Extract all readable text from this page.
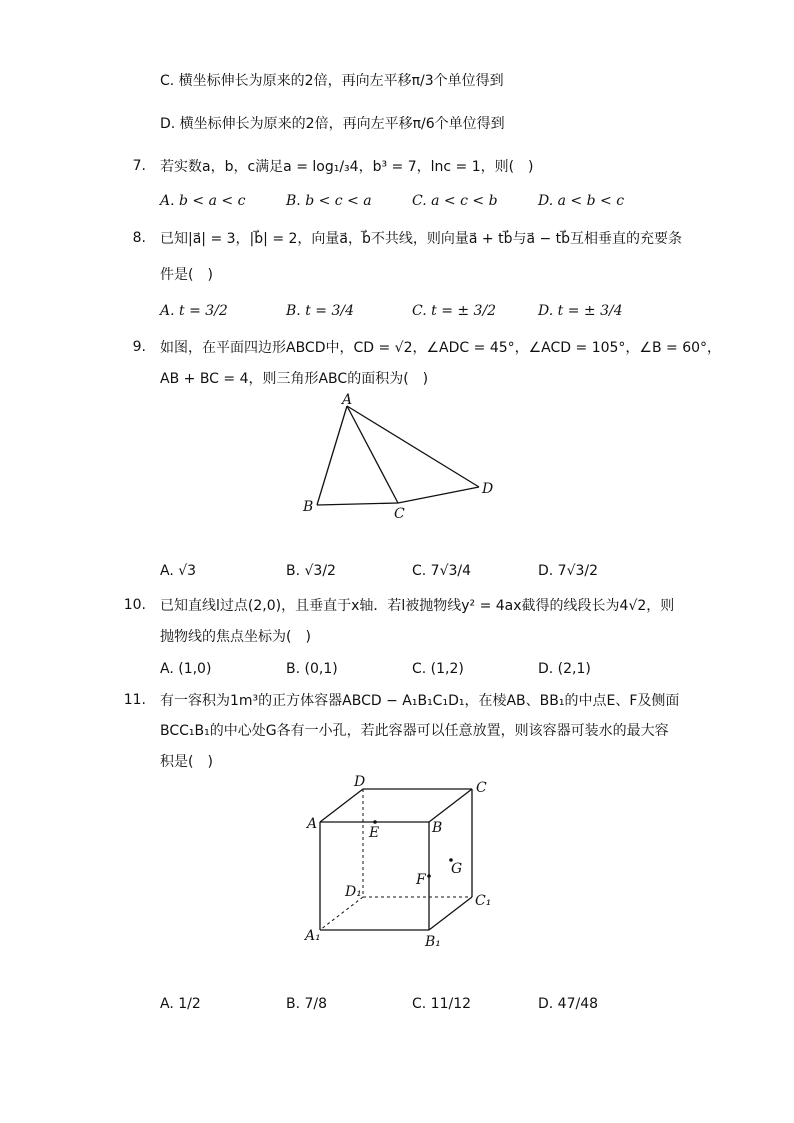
C. 横坐标伸长为原来的2倍，再向左平移π/3个单位得到
D. 横坐标伸长为原来的2倍，再向左平移π/6个单位得到
7. 若实数a，b，c满足a = log₁/₃4，b³ = 7，lnc = 1，则(　)
A. b < a < c	B. b < c < a	C. a < c < b	D. a < b < c
8. 已知|a⃗| = 3，|b⃗| = 2，向量a⃗，b⃗不共线，则向量a⃗ + tb⃗与a⃗ − tb⃗互相垂直的充要条
件是(　)
A. t = 3/2	B. t = 3/4	C. t = ± 3/2	D. t = ± 3/4
9. 如图，在平面四边形ABCD中，CD = √2，∠ADC = 45°，∠ACD = 105°，∠B = 60°，
AB + BC = 4，则三角形ABC的面积为(　)
A
B	C
D
A. √3	B. √3/2	C. 7√3/4	D. 7√3/2
10. 已知直线l过点(2,0)，且垂直于x轴．若l被抛物线y² = 4ax截得的线段长为4√2，则
抛物线的焦点坐标为(　)
A. (1,0)	B. (0,1)	C. (1,2)	D. (2,1)
11. 有一容积为1m³的正方体容器ABCD − A₁B₁C₁D₁，在棱AB、BB₁的中点E、F及侧面
BCC₁B₁的中心处G各有一小孔，若此容器可以任意放置，则该容器可装水的最大容
积是(　)
D	C
A
E	B
G
F
D₁
C₁
A₁	B₁
A. 1/2	B. 7/8	C. 11/12	D. 47/48
